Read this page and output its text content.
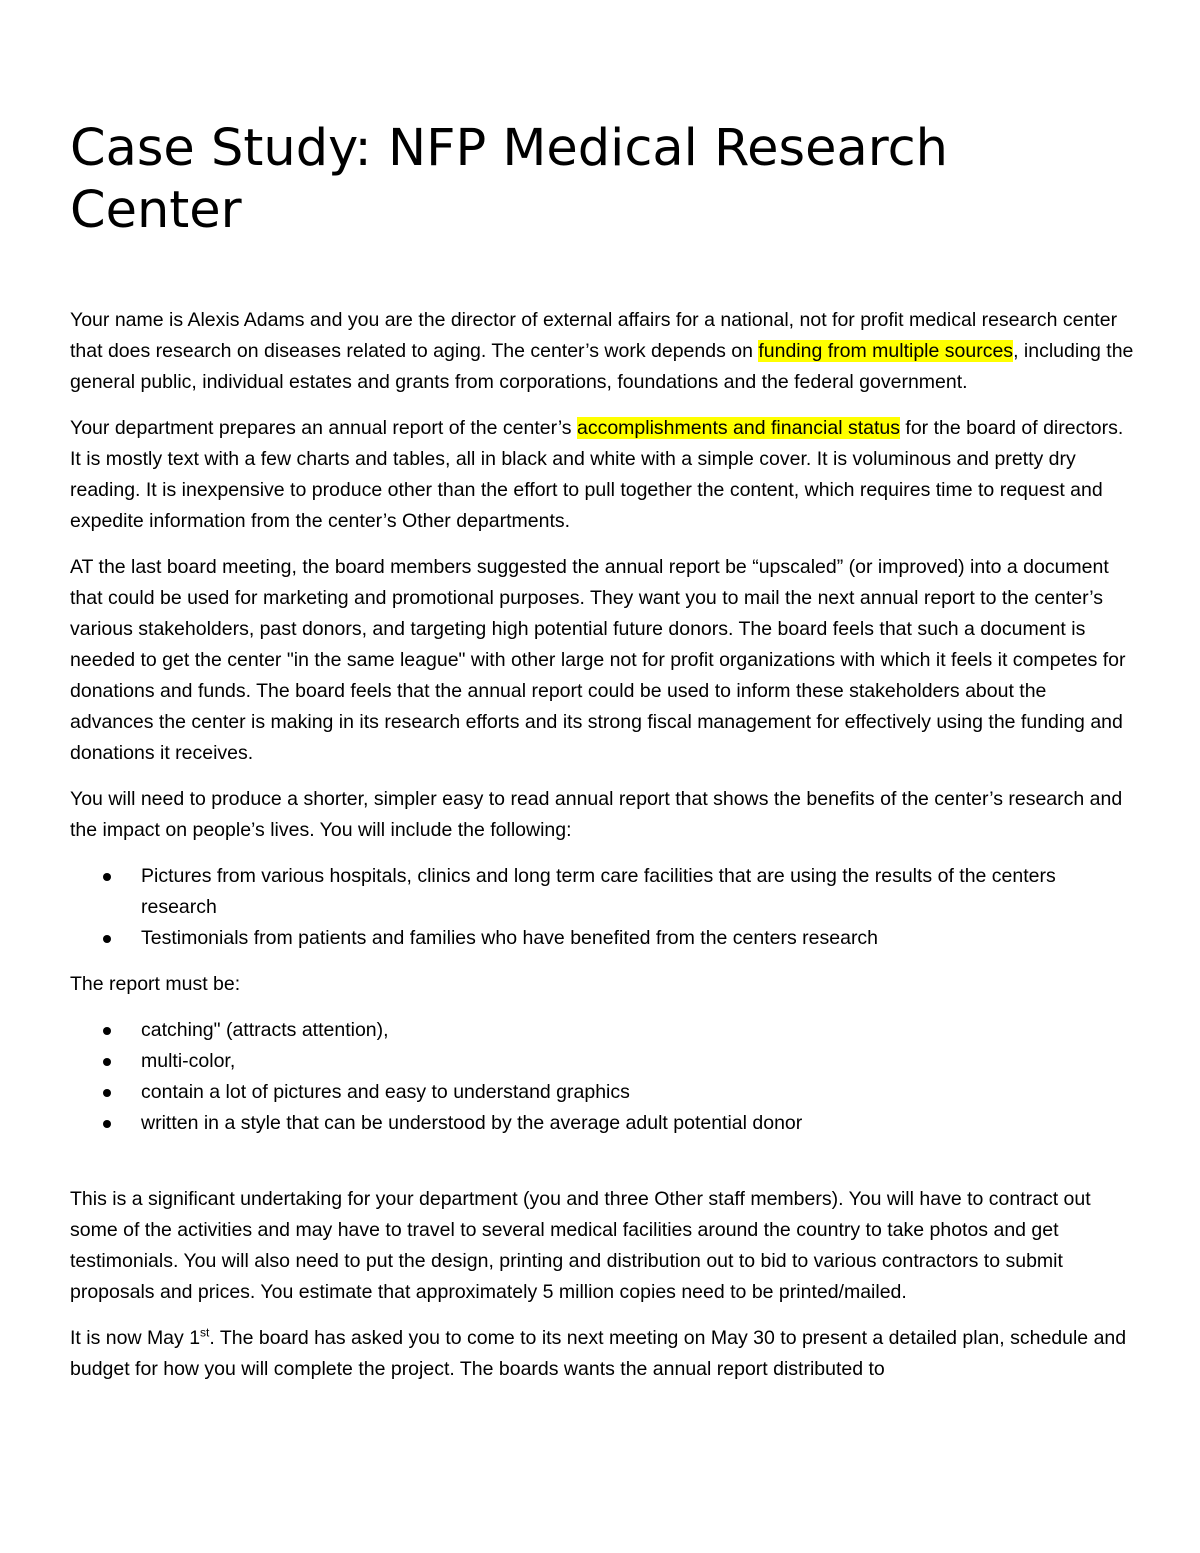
Case Study: NFP Medical Research Center

Your name is Alexis Adams and you are the director of external affairs for a national, not for profit medical research center that does research on diseases related to aging. The center’s work depends on funding from multiple sources, including the general public, individual estates and grants from corporations, foundations and the federal government.

Your department prepares an annual report of the center’s accomplishments and financial status for the board of directors. It is mostly text with a few charts and tables, all in black and white with a simple cover. It is voluminous and pretty dry reading. It is inexpensive to produce other than the effort to pull together the content, which requires time to request and expedite information from the center’s Other departments.

AT the last board meeting, the board members suggested the annual report be “upscaled” (or improved) into a document that could be used for marketing and promotional purposes. They want you to mail the next annual report to the center’s various stakeholders, past donors, and targeting high potential future donors. The board feels that such a document is needed to get the center "in the same league" with other large not for profit organizations with which it feels it competes for donations and funds. The board feels that the annual report could be used to inform these stakeholders about the advances the center is making in its research efforts and its strong fiscal management for effectively using the funding and donations it receives.

You will need to produce a shorter, simpler easy to read annual report that shows the benefits of the center’s research and the impact on people’s lives. You will include the following:

Pictures from various hospitals, clinics and long term care facilities that are using the results of the centers research
Testimonials from patients and families who have benefited from the centers research

The report must be:

catching" (attracts attention),
multi-color,
contain a lot of pictures and easy to understand graphics
written in a style that can be understood by the average adult potential donor

This is a significant undertaking for your department (you and three Other staff members). You will have to contract out some of the activities and may have to travel to several medical facilities around the country to take photos and get testimonials. You will also need to put the design, printing and distribution out to bid to various contractors to submit proposals and prices. You estimate that approximately 5 million copies need to be printed/mailed.

It is now May 1st. The board has asked you to come to its next meeting on May 30 to present a detailed plan, schedule and budget for how you will complete the project. The boards wants the annual report distributed to
